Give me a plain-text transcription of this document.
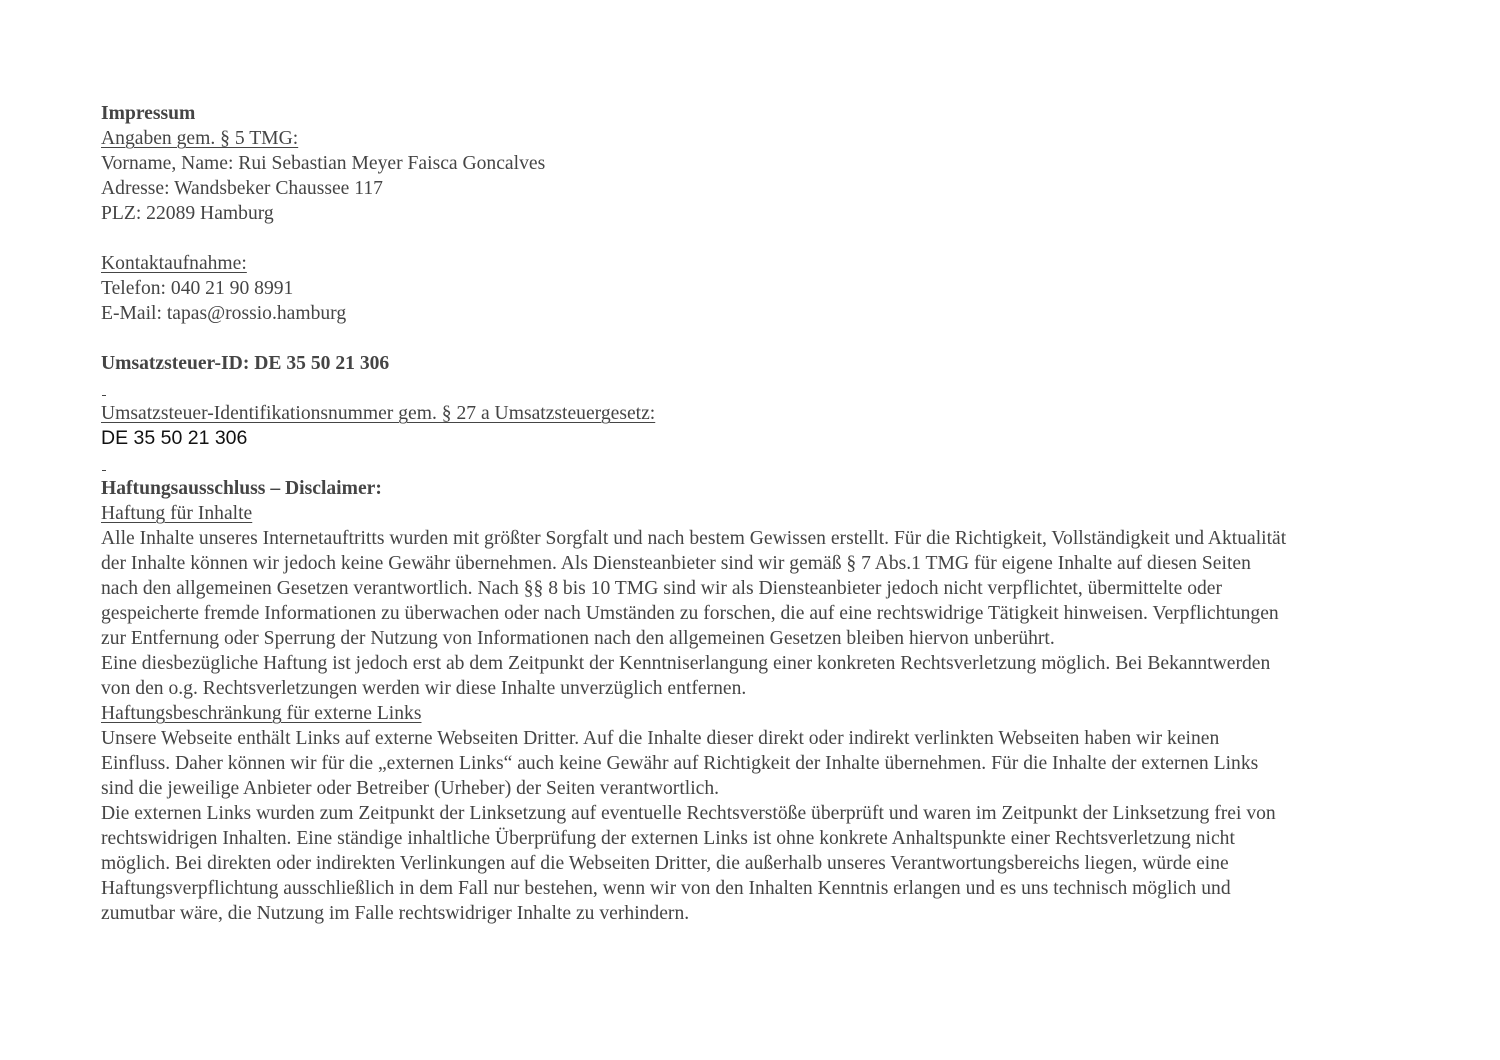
Impressum
Angaben gem. § 5 TMG:
Vorname, Name: Rui Sebastian Meyer Faisca Goncalves
Adresse: Wandsbeker Chaussee 117
PLZ: 22089 Hamburg
Kontaktaufnahme:
Telefon: 040 21 90 8991
E-Mail: tapas@rossio.hamburg
Umsatzsteuer-ID: DE 35 50 21 306
Umsatzsteuer-Identifikationsnummer gem. § 27 a Umsatzsteuergesetz:
DE 35 50 21 306
Haftungsausschluss – Disclaimer:
Haftung für Inhalte
Alle Inhalte unseres Internetauftritts wurden mit größter Sorgfalt und nach bestem Gewissen erstellt. Für die Richtigkeit, Vollständigkeit und Aktualität
der Inhalte können wir jedoch keine Gewähr übernehmen. Als Diensteanbieter sind wir gemäß § 7 Abs.1 TMG für eigene Inhalte auf diesen Seiten
nach den allgemeinen Gesetzen verantwortlich. Nach §§ 8 bis 10 TMG sind wir als Diensteanbieter jedoch nicht verpflichtet, übermittelte oder
gespeicherte fremde Informationen zu überwachen oder nach Umständen zu forschen, die auf eine rechtswidrige Tätigkeit hinweisen. Verpflichtungen
zur Entfernung oder Sperrung der Nutzung von Informationen nach den allgemeinen Gesetzen bleiben hiervon unberührt.
Eine diesbezügliche Haftung ist jedoch erst ab dem Zeitpunkt der Kenntniserlangung einer konkreten Rechtsverletzung möglich. Bei Bekanntwerden
von den o.g. Rechtsverletzungen werden wir diese Inhalte unverzüglich entfernen.
Haftungsbeschränkung für externe Links
Unsere Webseite enthält Links auf externe Webseiten Dritter. Auf die Inhalte dieser direkt oder indirekt verlinkten Webseiten haben wir keinen
Einfluss. Daher können wir für die „externen Links“ auch keine Gewähr auf Richtigkeit der Inhalte übernehmen. Für die Inhalte der externen Links
sind die jeweilige Anbieter oder Betreiber (Urheber) der Seiten verantwortlich.
Die externen Links wurden zum Zeitpunkt der Linksetzung auf eventuelle Rechtsverstöße überprüft und waren im Zeitpunkt der Linksetzung frei von
rechtswidrigen Inhalten. Eine ständige inhaltliche Überprüfung der externen Links ist ohne konkrete Anhaltspunkte einer Rechtsverletzung nicht
möglich. Bei direkten oder indirekten Verlinkungen auf die Webseiten Dritter, die außerhalb unseres Verantwortungsbereichs liegen, würde eine
Haftungsverpflichtung ausschließlich in dem Fall nur bestehen, wenn wir von den Inhalten Kenntnis erlangen und es uns technisch möglich und
zumutbar wäre, die Nutzung im Falle rechtswidriger Inhalte zu verhindern.
